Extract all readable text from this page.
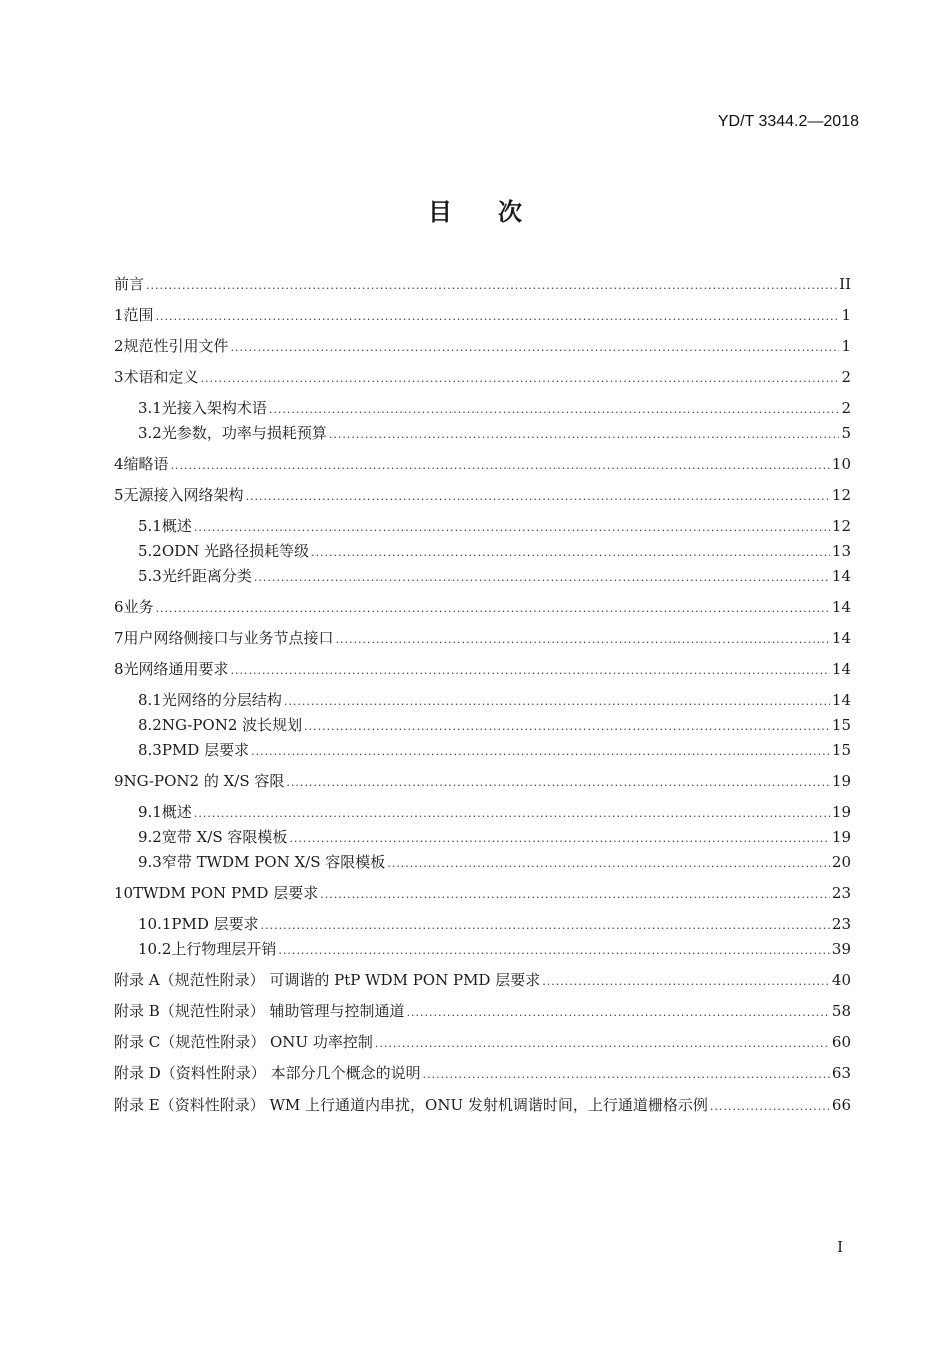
YD/T 3344.2—2018
目 次
前言 .....	II
1 范围 .....	1
2 规范性引用文件 .....	1
3 术语和定义 .....	2
3.1 光接入架构术语 .....	2
3.2 光参数，功率与损耗预算 .....	5
4 缩略语 .....	10
5 无源接入网络架构 .....	12
5.1 概述 .....	12
5.2 ODN 光路径损耗等级 .....	13
5.3 光纤距离分类 .....	14
6 业务 .....	14
7 用户网络侧接口与业务节点接口 .....	14
8 光网络通用要求 .....	14
8.1 光网络的分层结构 .....	14
8.2 NG-PON2 波长规划 .....	15
8.3 PMD 层要求 .....	15
9 NG-PON2 的 X/S 容限 .....	19
9.1 概述 .....	19
9.2 宽带 X/S 容限模板 .....	19
9.3 窄带 TWDM PON X/S 容限模板 .....	20
10 TWDM PON PMD 层要求 .....	23
10.1 PMD 层要求 .....	23
10.2 上行物理层开销 .....	39
附录 A（规范性附录） 可调谐的 PtP WDM PON PMD 层要求 .....	40
附录 B（规范性附录） 辅助管理与控制通道 .....	58
附录 C（规范性附录） ONU 功率控制 .....	60
附录 D（资料性附录） 本部分几个概念的说明 .....	63
附录 E（资料性附录） WM 上行通道内串扰，ONU 发射机调谐时间，上行通道栅格示例 .....	66
I
